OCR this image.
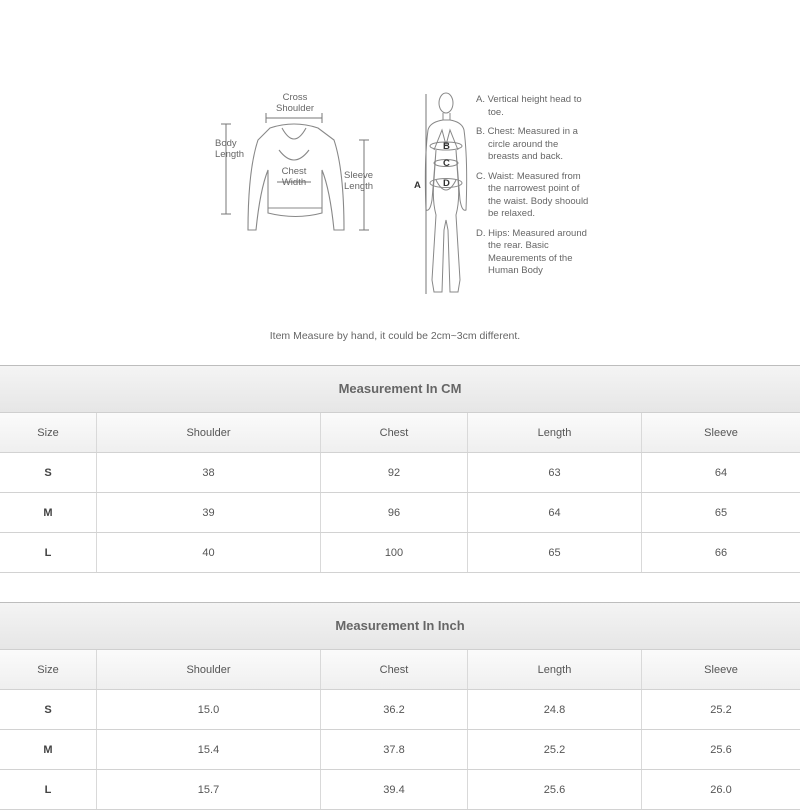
Cross
Shoulder
Body
Length
Chest
Width
Sleeve
Length	A
B
C
D
A. Vertical height head to toe.
B. Chest: Measured in a circle around the breasts and back.
C. Waist: Measured from the narrowest point of the waist. Body shoould be relaxed.
D. Hips: Measured around the rear. Basic Meaurements of the Human Body
Item Measure by hand, it could be 2cm~3cm different.
Measurement In CM
Size	Shoulder	Chest	Length	Sleeve
S	38	92	63	64
M	39	96	64	65
L	40	100	65	66
Measurement In Inch
Size	Shoulder	Chest	Length	Sleeve
S	15.0	36.2	24.8	25.2
M	15.4	37.8	25.2	25.6
L	15.7	39.4	25.6	26.0
